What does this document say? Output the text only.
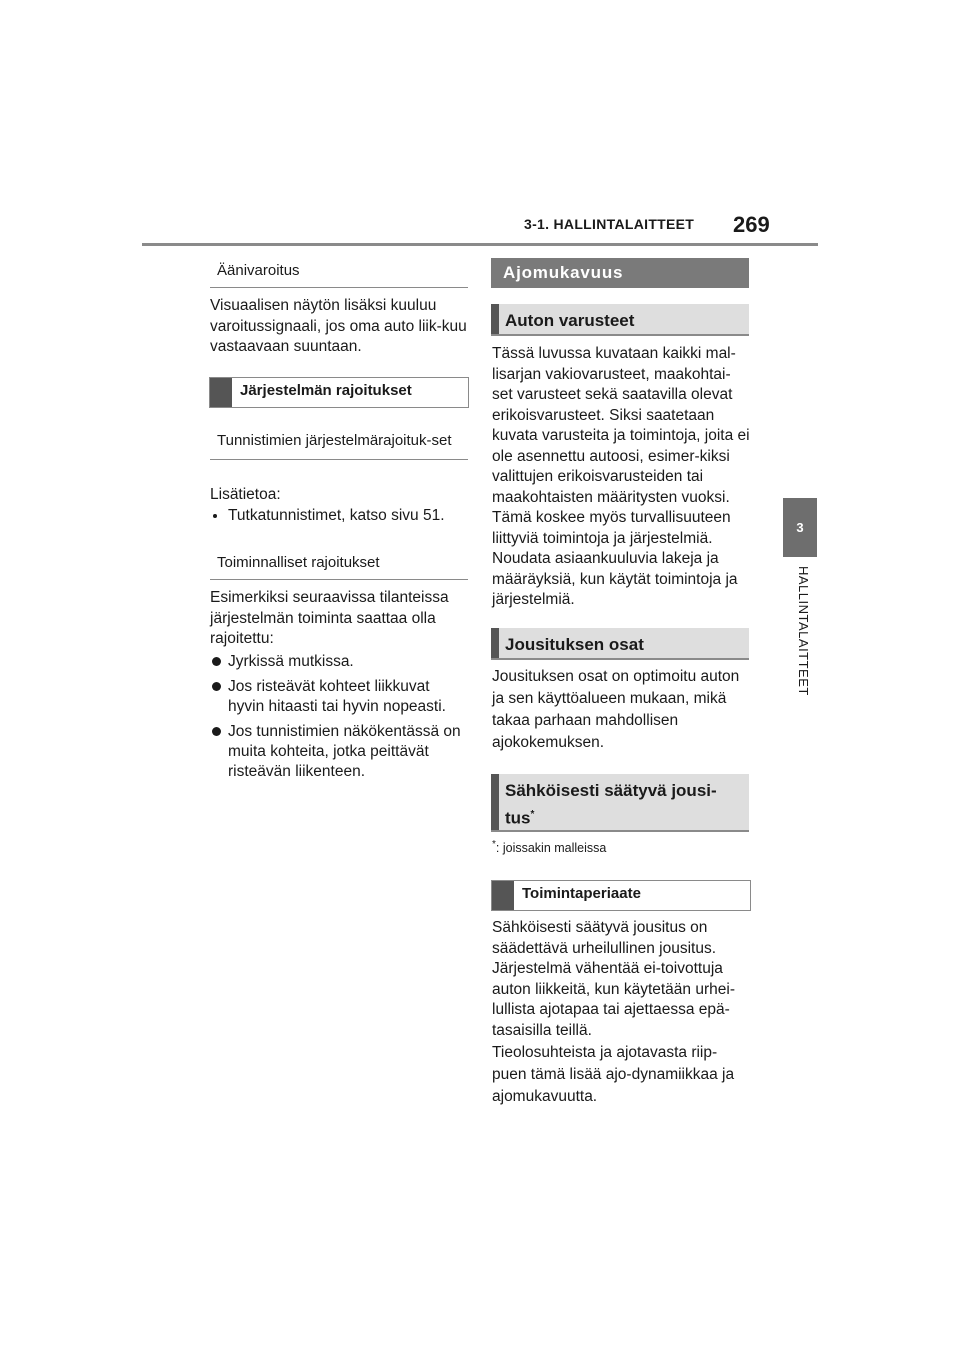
3-1. HALLINTALAITTEET 269
3
HALLINTALAITTEET
Äänivaroitus
Visuaalisen näytön lisäksi kuuluu varoitussignaali, jos oma auto liik-kuu vastaavaan suuntaan.
Järjestelmän rajoitukset
Tunnistimien järjestelmärajoituk-set
Lisätietoa:
Tutkatunnistimet, katso sivu 51.
Toiminnalliset rajoitukset
Esimerkiksi seuraavissa tilanteissa järjestelmän toiminta saattaa olla rajoitettu:
Jyrkissä mutkissa.
Jos risteävät kohteet liikkuvat hyvin hitaasti tai hyvin nopeasti.
Jos tunnistimien näkökentässä on muita kohteita, jotka peittävät risteävän liikenteen.
Ajomukavuus
Auton varusteet
Tässä luvussa kuvataan kaikki mal-lisarjan vakiovarusteet, maakohtai-set varusteet sekä saatavilla olevat erikoisvarusteet. Siksi saatetaan kuvata varusteita ja toimintoja, joita ei ole asennettu autoosi, esimer-kiksi valittujen erikoisvarusteiden tai maakohtaisten määritysten vuoksi. Tämä koskee myös turvallisuuteen liittyviä toimintoja ja järjestelmiä. Noudata asiaankuuluvia lakeja ja määräyksiä, kun käytät toimintoja ja järjestelmiä.
Jousituksen osat
Jousituksen osat on optimoitu auton ja sen käyttöalueen mukaan, mikä takaa parhaan mahdollisen ajokokemuksen.
Sähköisesti säätyvä jousi-
tus*
*: joissakin malleissa
Toimintaperiaate
Sähköisesti säätyvä jousitus on säädettävä urheilullinen jousitus. Järjestelmä vähentää ei-toivottuja auton liikkeitä, kun käytetään urhei-lullista ajotapaa tai ajettaessa epä-tasaisilla teillä.
Tieolosuhteista ja ajotavasta riip-puen tämä lisää ajo-dynamiikkaa ja ajomukavuutta.
